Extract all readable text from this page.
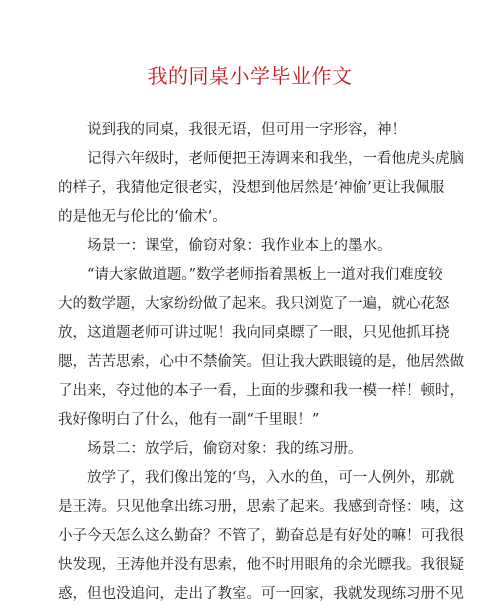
我的同桌小学毕业作文
说到我的同桌，我很无语，但可用一字形容，神！
记得六年级时，老师便把王涛调来和我坐，一看他虎头虎脑
的样子，我猜他定很老实，没想到他居然是‘神偷’更让我佩服
的是他无与伦比的‘偷术’。
场景一：课堂，偷窃对象：我作业本上的墨水。
“请大家做道题。”数学老师指着黑板上一道对我们难度较
大的数学题，大家纷纷做了起来。我只浏览了一遍，就心花怒
放，这道题老师可讲过呢！我向同桌瞟了一眼，只见他抓耳挠
腮，苦苦思索，心中不禁偷笑。但让我大跌眼镜的是，他居然做
了出来，夺过他的本子一看，上面的步骤和我一模一样！顿时，
我好像明白了什么，他有一副“千里眼！”
场景二：放学后，偷窃对象：我的练习册。
放学了，我们像出笼的‘鸟，入水的鱼，可一人例外，那就
是王涛。只见他拿出练习册，思索了起来。我感到奇怪：咦，这
小子今天怎么这么勤奋？不管了，勤奋总是有好处的嘛！可我很
快发现，王涛他并没有思索，他不时用眼角的余光瞟我。我很疑
惑，但也没追问，走出了教室。可一回家，我就发现练习册不见
